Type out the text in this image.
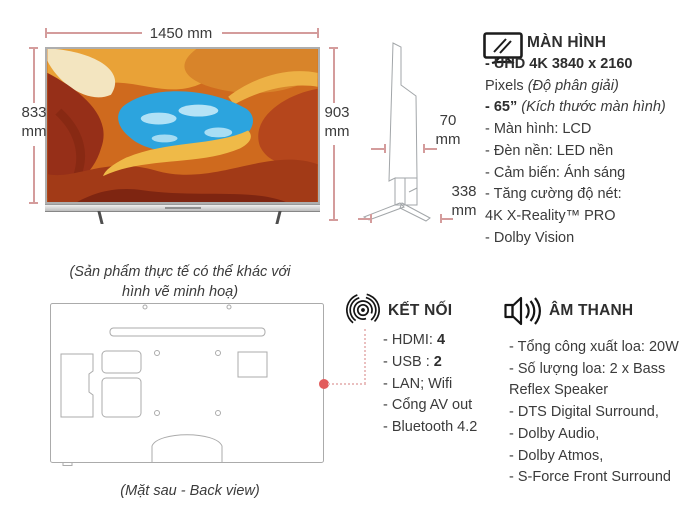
1450 mm
833 mm
903 mm
70 mm
338 mm
MÀN HÌNH
- UHD 4K 3840 x 2160
Pixels (Độ phân giải)
- 65” (Kích thước màn hình)
- Màn hình: LCD
- Đèn nền: LED nền
- Cảm biến: Ánh sáng
- Tăng cường độ nét:
4K X-Reality™ PRO
- Dolby Vision
(Sản phẩm thực tế có thể khác với hình vẽ minh hoạ)
(Mặt sau - Back view)
KẾT NỐI
- HDMI: 4
- USB : 2
- LAN; Wifi
- Cổng AV out
- Bluetooth 4.2
ÂM THANH
- Tổng công xuất loa: 20W
- Số lượng loa: 2 x Bass
Reflex Speaker
- DTS Digital Surround,
- Dolby Audio,
- Dolby Atmos,
- S-Force Front Surround
